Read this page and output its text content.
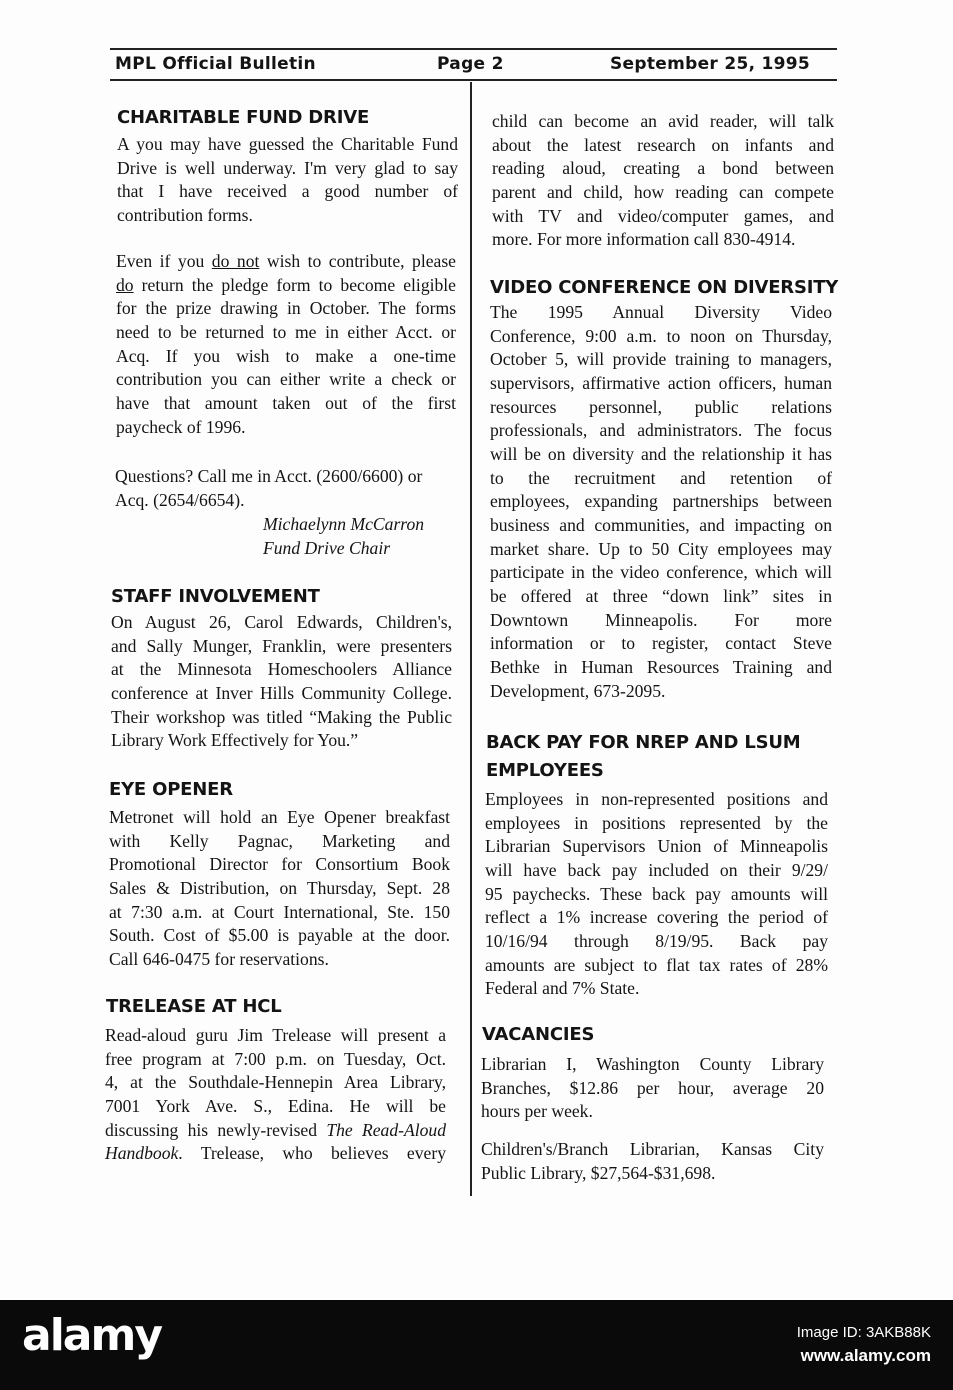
MPL Official Bulletin	Page 2	September 25, 1995
CHARITABLE FUND DRIVE
A you may have guessed the Charitable Fund
Drive is well underway. I'm very glad to say
that I have received a good number of
contribution forms.
Even if you do not wish to contribute, please
do return the pledge form to become eligible
for the prize drawing in October. The forms
need to be returned to me in either Acct. or
Acq. If you wish to make a one-time
contribution you can either write a check or
have that amount taken out of the first
paycheck of 1996.
Questions? Call me in Acct. (2600/6600) or
Acq. (2654/6654).
Michaelynn McCarron
Fund Drive Chair
STAFF INVOLVEMENT
On August 26, Carol Edwards, Children's,
and Sally Munger, Franklin, were presenters
at the Minnesota Homeschoolers Alliance
conference at Inver Hills Community College.
Their workshop was titled “Making the Public
Library Work Effectively for You.”
EYE OPENER
Metronet will hold an Eye Opener breakfast
with Kelly Pagnac, Marketing and
Promotional Director for Consortium Book
Sales & Distribution, on Thursday, Sept. 28
at 7:30 a.m. at Court International, Ste. 150
South. Cost of $5.00 is payable at the door.
Call 646-0475 for reservations.
TRELEASE AT HCL
Read-aloud guru Jim Trelease will present a
free program at 7:00 p.m. on Tuesday, Oct.
4, at the Southdale-Hennepin Area Library,
7001 York Ave. S., Edina. He will be
discussing his newly-revised The Read-Aloud
Handbook. Trelease, who believes every
child can become an avid reader, will talk
about the latest research on infants and
reading aloud, creating a bond between
parent and child, how reading can compete
with TV and video/computer games, and
more. For more information call 830-4914.
VIDEO CONFERENCE ON DIVERSITY
The 1995 Annual Diversity Video
Conference, 9:00 a.m. to noon on Thursday,
October 5, will provide training to managers,
supervisors, affirmative action officers, human
resources personnel, public relations
professionals, and administrators. The focus
will be on diversity and the relationship it has
to the recruitment and retention of
employees, expanding partnerships between
business and communities, and impacting on
market share. Up to 50 City employees may
participate in the video conference, which will
be offered at three “down link” sites in
Downtown Minneapolis. For more
information or to register, contact Steve
Bethke in Human Resources Training and
Development, 673-2095.
BACK PAY FOR NREP AND LSUM
EMPLOYEES
Employees in non-represented positions and
employees in positions represented by the
Librarian Supervisors Union of Minneapolis
will have back pay included on their 9/29/
95 paychecks. These back pay amounts will
reflect a 1% increase covering the period of
10/16/94 through 8/19/95. Back pay
amounts are subject to flat tax rates of 28%
Federal and 7% State.
VACANCIES
Librarian I, Washington County Library
Branches, $12.86 per hour, average 20
hours per week.
Children's/Branch Librarian, Kansas City
Public Library, $27,564-$31,698.
alamy	Image ID: 3AKB88K
www.alamy.com
